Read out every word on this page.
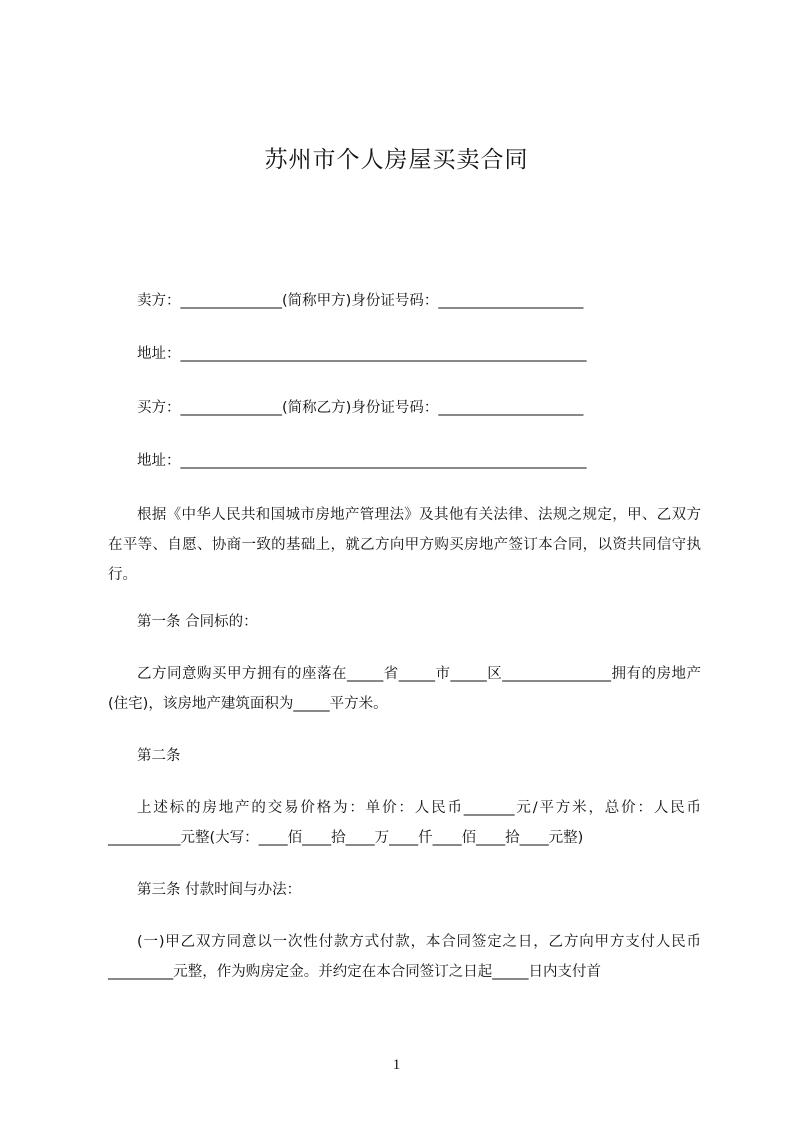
苏州市个人房屋买卖合同
卖方：______________(简称甲方)身份证号码：____________________
地址：________________________________________________________
买方：______________(简称乙方)身份证号码：____________________
地址：________________________________________________________

根据《中华人民共和国城市房地产管理法》及其他有关法律、法规之规定，甲、乙双方在平等、自愿、协商一致的基础上，就乙方向甲方购买房地产签订本合同，以资共同信守执行。

第一条 合同标的：

乙方同意购买甲方拥有的座落在_____省_____市_____区_______________拥有的房地产(住宅)，该房地产建筑面积为_____平方米。

第二条

上述标的房地产的交易价格为：单价：人民币_______元/平方米，总价：人民币__________元整(大写：____佰____拾____万____仟____佰____拾____元整)

第三条 付款时间与办法：

(一)甲乙双方同意以一次性付款方式付款，本合同签定之日，乙方向甲方支付人民币_________元整，作为购房定金。并约定在本合同签订之日起_____日内支付首

1
